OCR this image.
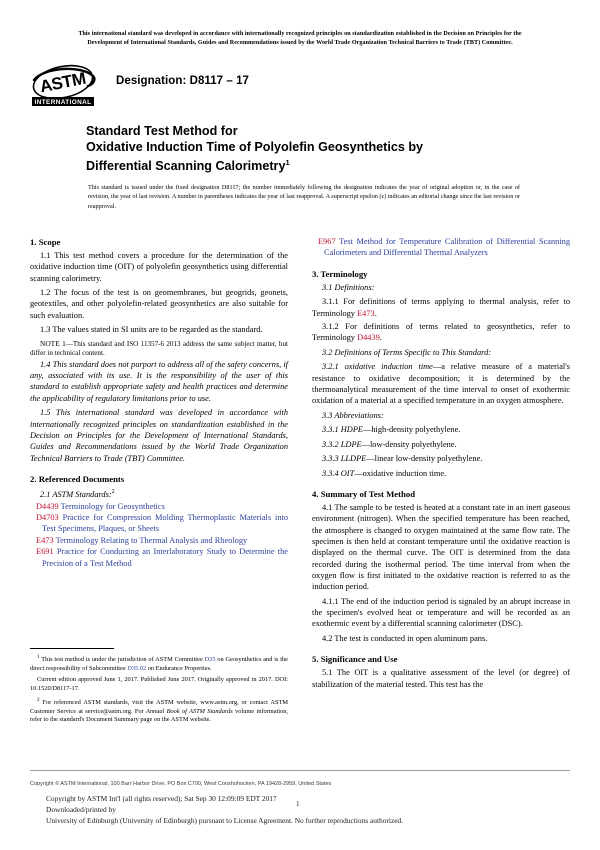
This international standard was developed in accordance with internationally recognized principles on standardization established in the Decision on Principles for the
Development of International Standards, Guides and Recommendations issued by the World Trade Organization Technical Barriers to Trade (TBT) Committee.
ASTM
INTERNATIONAL
Designation: D8117 – 17
Standard Test Method for
Oxidative Induction Time of Polyolefin Geosynthetics by
Differential Scanning Calorimetry$^1$
This standard is issued under the fixed designation D8117; the number immediately following the designation indicates the year of original adoption or, in the case of revision, the year of last revision. A number in parentheses indicates the year of last reapproval. A superscript epsilon (ε) indicates an editorial change since the last revision or reapproval.
1. Scope

1.1 This test method covers a procedure for the determination of the oxidative induction time (OIT) of polyolefin geosynthetics using differential scanning calorimetry.

1.2 The focus of the test is on geomembranes, but geogrids, geonets, geotextiles, and other polyolefin-related geosynthetics are also suitable for such evaluation.

1.3 The values stated in SI units are to be regarded as the standard.

NOTE 1—This standard and ISO 11357-6 2013 address the same subject matter, but differ in technical content.

1.4 This standard does not purport to address all of the safety concerns, if any, associated with its use. It is the responsibility of the user of this standard to establish appropriate safety and health practices and determine the applicability of regulatory limitations prior to use.

1.5 This international standard was developed in accordance with internationally recognized principles on standardization established in the Decision on Principles for the Development of International Standards, Guides and Recommendations issued by the World Trade Organization Technical Barriers to Trade (TBT) Committee.

2. Referenced Documents

2.1 ASTM Standards:$^2$

D4439 Terminology for Geosynthetics

D4703 Practice for Compression Molding Thermoplastic Materials into Test Specimens, Plaques, or Sheets

E473 Terminology Relating to Thermal Analysis and Rheology

E691 Practice for Conducting an Interlaboratory Study to Determine the Precision of a Test Method

E967 Test Method for Temperature Calibration of Differential Scanning Calorimeters and Differential Thermal Analyzers

3. Terminology

3.1 Definitions:

3.1.1 For definitions of terms applying to thermal analysis, refer to Terminology E473.

3.1.2 For definitions of terms related to geosynthetics, refer to Terminology D4439.

3.2 Definitions of Terms Specific to This Standard:

3.2.1 oxidative induction time—a relative measure of a material's resistance to oxidative decomposition; it is determined by the thermoanalytical measurement of the time interval to onset of exothermic oxidation of a material at a specified temperature in an oxygen atmosphere.

3.3 Abbreviations:

3.3.1 HDPE—high-density polyethylene.

3.3.2 LDPE—low-density polyethylene.

3.3.3 LLDPE—linear low-density polyethylene.

3.3.4 OIT—oxidative induction time.

4. Summary of Test Method

4.1 The sample to be tested is heated at a constant rate in an inert gaseous environment (nitrogen). When the specified temperature has been reached, the atmosphere is changed to oxygen maintained at the same flow rate. The specimen is then held at constant temperature until the oxidative reaction is displayed on the thermal curve. The OIT is determined from the data recorded during the isothermal period. The time interval from when the oxygen flow is first initiated to the oxidative reaction is referred to as the induction period.

4.1.1 The end of the induction period is signaled by an abrupt increase in the specimen's evolved heat or temperature and will be recorded as an exothermic event by a differential scanning calorimeter (DSC).

4.2 The test is conducted in open aluminum pans.

5. Significance and Use

5.1 The OIT is a qualitative assessment of the level (or degree) of stabilization of the material tested. This test has the

$^1$ This test method is under the jurisdiction of ASTM Committee D35 on Geosynthetics and is the direct responsibility of Subcommittee D35.02 on Endurance Properties.

Current edition approved June 1, 2017. Published June 2017. Originally approved in 2017. DOI: 10.1520/D8117-17.

$^2$ For referenced ASTM standards, visit the ASTM website, www.astm.org, or contact ASTM Customer Service at service@astm.org. For Annual Book of ASTM Standards volume information, refer to the standard's Document Summary page on the ASTM website.

Copyright © ASTM International, 100 Barr Harbor Drive, PO Box C700, West Conshohocken, PA 19428-2959, United States
Copyright by ASTM Int'l (all rights reserved); Sat Sep 30 12:09:09 EDT 2017
Downloaded/printed by
University of Edinburgh (University of Edinburgh) pursuant to License Agreement. No further reproductions authorized.
1
